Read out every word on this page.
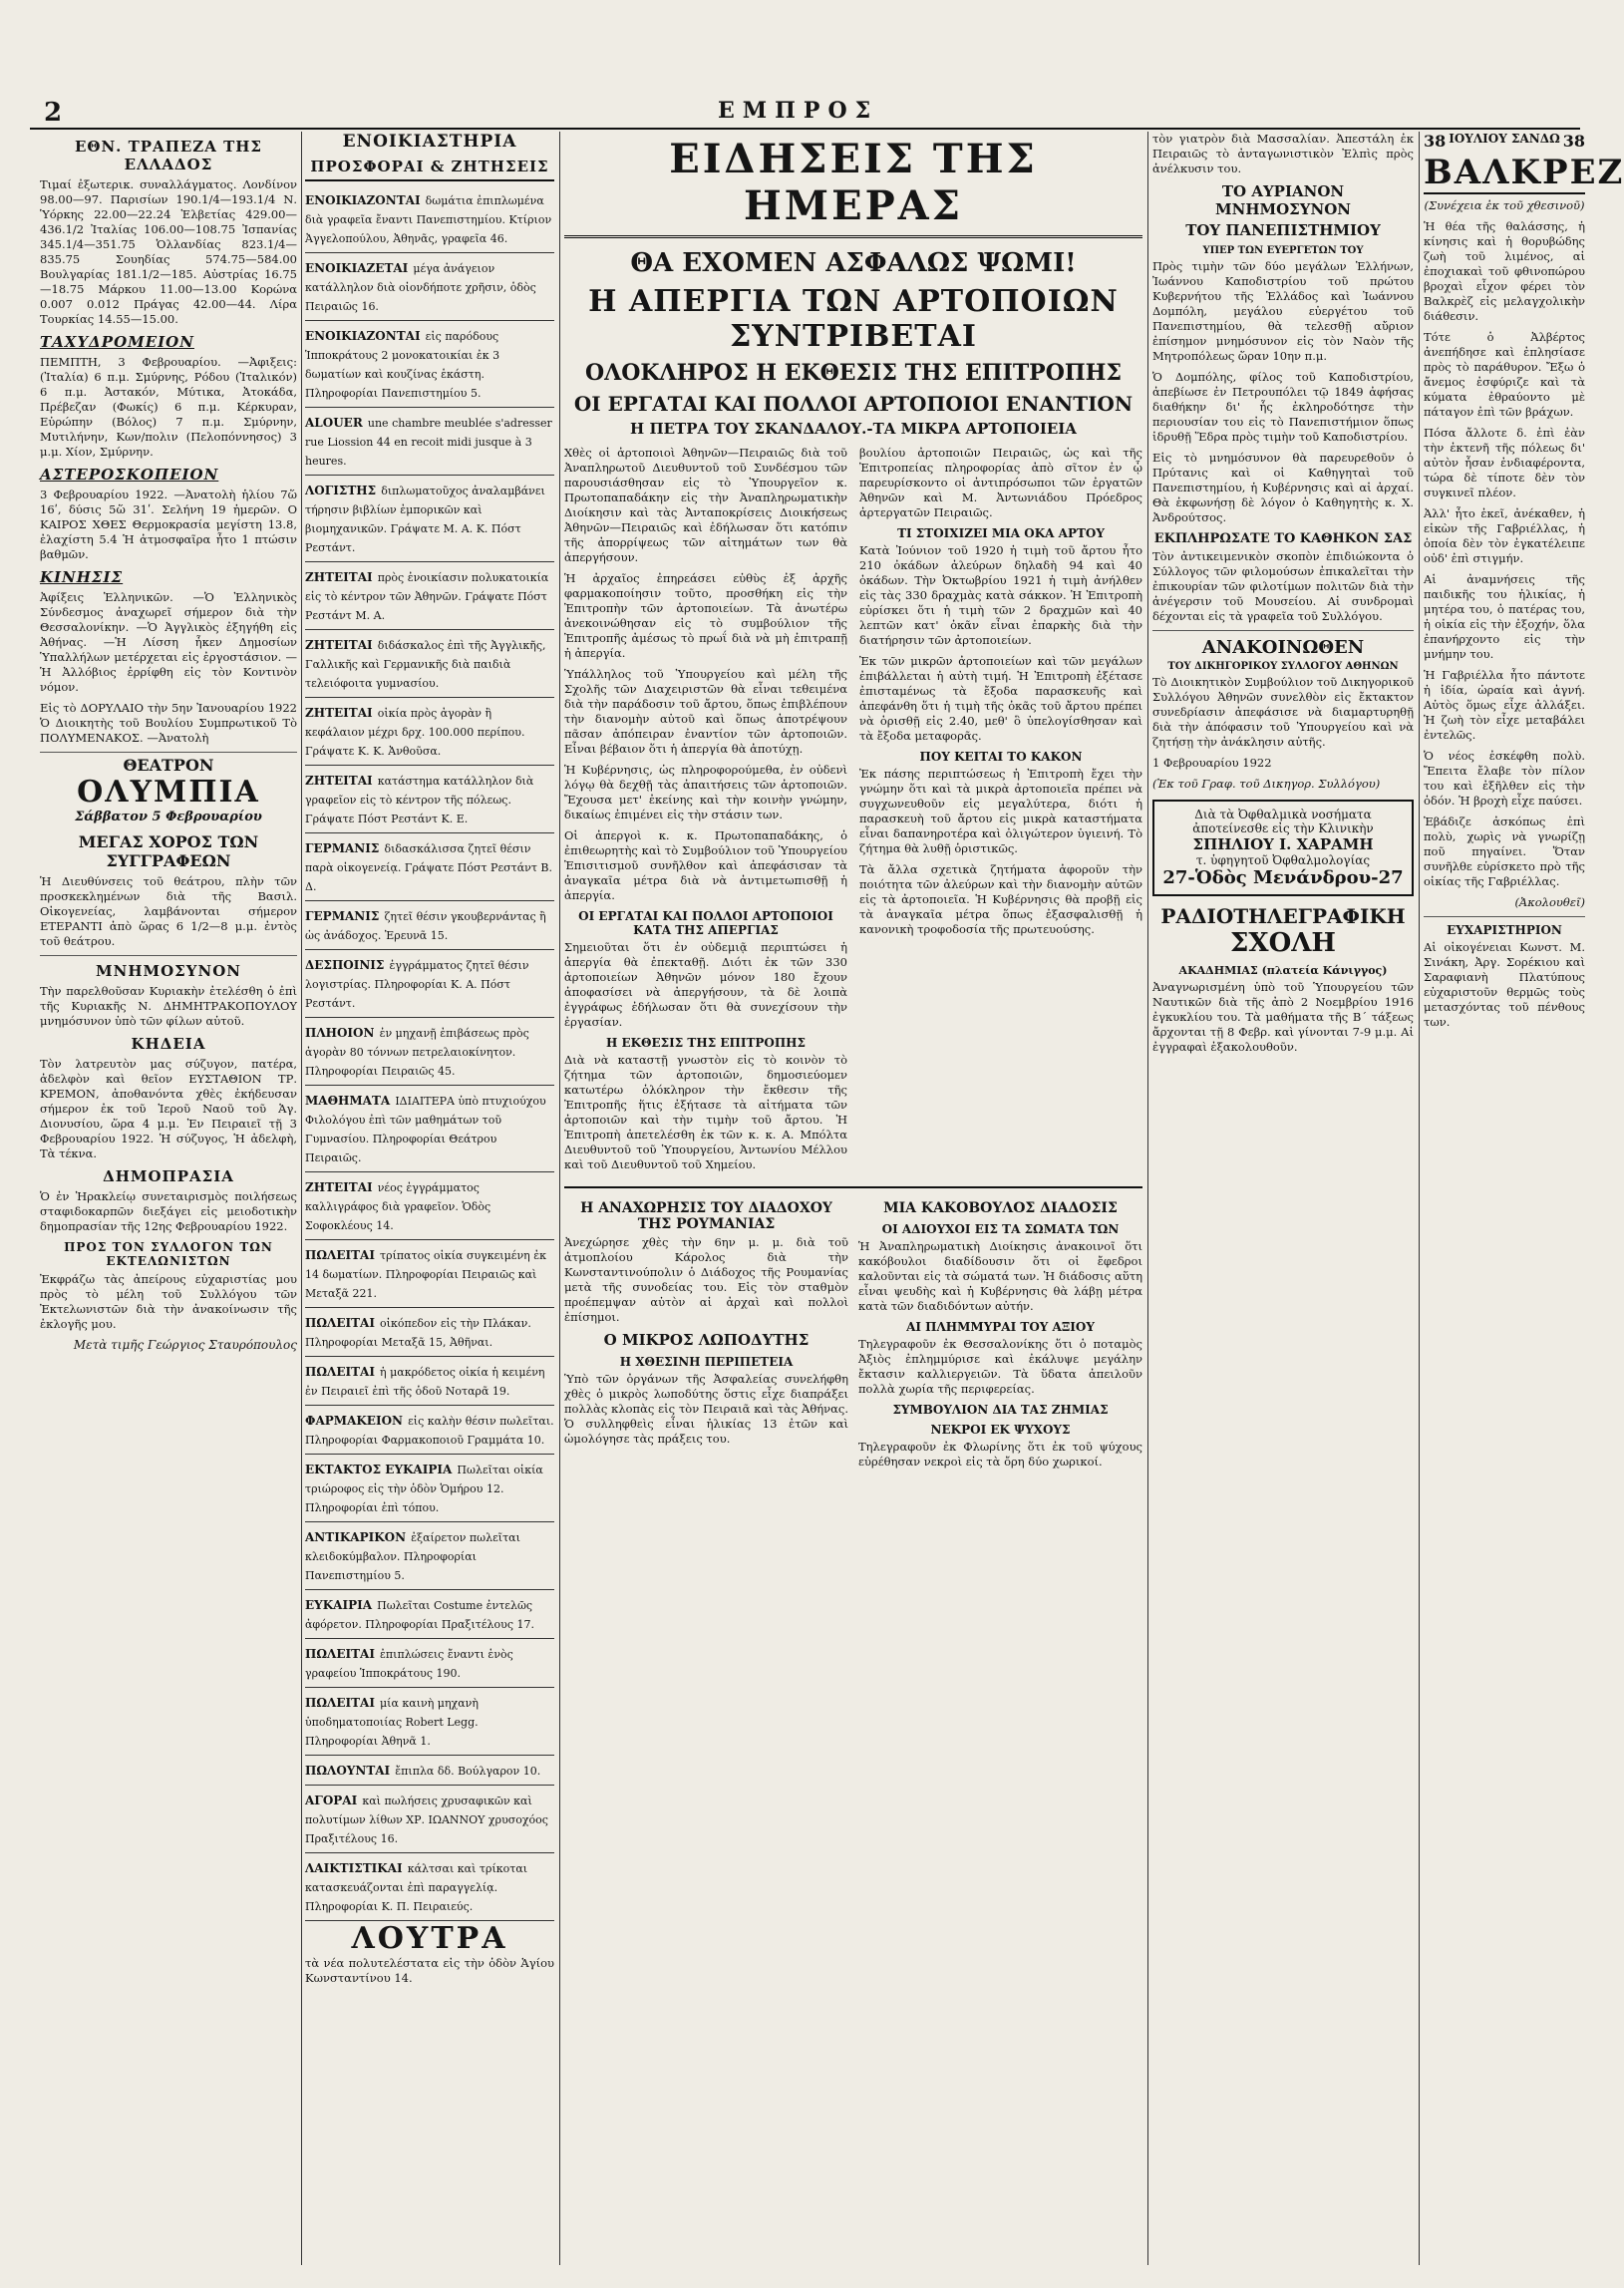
2	ΕΜΠΡΟΣ
ΕΘΝ. ΤΡΑΠΕΖΑ ΤΗΣ ΕΛΛΑΔΟΣ

Τιμαί ἐξωτερικ. συναλλάγματος. Λονδίνον 98.00—97. Παρισίων 190.1/4—193.1/4 Ν. Ὑόρκης 22.00—22.24 Ἑλβετίας 429.00—436.1/2 Ἰταλίας 106.00—108.75 Ἰσπανίας 345.1/4—351.75 Ὁλλανδίας 823.1/4—835.75 Σουηδίας 574.75—584.00 Βουλγαρίας 181.1/2—185. Αὐστρίας 16.75—18.75 Μάρκου 11.00—13.00 Κορώνα 0.007 0.012 Πράγας 42.00—44. Λίρα Τουρκίας 14.55—15.00.

ΤΑΧΥΔΡΟΜΕΙΟΝ

ΠΕΜΠΤΗ, 3 Φεβρουαρίου. —Ἀφιξεις: (Ἰταλία) 6 π.μ. Σμύρνης, Ρόδου (Ἰταλικόν) 6 π.μ. Ἀστακόν, Μύτικα, Ἀτοκάδα, Πρέβεζαν (Φωκίς) 6 π.μ. Κέρκυραν, Εὐρώπην (Βόλος) 7 π.μ. Σμύρνην, Μυτιλήνην, Κων/πολιν (Πελοπόννησος) 3 μ.μ. Χίον, Σμύρνην.

ΑΣΤΕΡΟΣΚΟΠΕΙΟΝ

3 Φεβρουαρίου 1922. —Ἀνατολὴ ἡλίου 7ὥ 16ʹ, δύσις 5ὥ 31ʹ. Σελήνη 19 ἡμερῶν. Ο ΚΑΙΡΟΣ ΧΘΕΣ Θερμοκρασία μεγίστη 13.8, ἐλαχίστη 5.4 Ἡ ἀτμοσφαῖρα ἦτο 1 πτώσιν βαθμῶν.

ΚΙΝΗΣΙΣ

Ἀφίξεις Ἑλληνικῶν. —Ὁ Ἐλληνικὸς Σύνδεσμος ἀναχωρεῖ σήμερον διὰ τὴν Θεσσαλονίκην. —Ὁ Ἀγγλικὸς ἐξηγήθη εἰς Ἀθήνας. —Ἡ Λίσση ἧκεν Δημοσίων Ὑπαλλήλων μετέρχεται εἰς ἐργοστάσιον. —Ἡ Ἀλλόβιος ἐρρίφθη εἰς τὸν Κοντινὸν νόμον.

Εἰς τὸ ΔΟΡΥΛΑΙΟ τὴν 5ην Ἰανουαρίου 1922 Ὁ Διοικητὴς τοῦ Βουλίου Συμπρωτικοῦ Τὸ ΠΟΛΥΜΕΝΑΚΟΣ. —Ἀνατολὴ

ΘΕΑΤΡΟΝ
ΟΛΥΜΠΙΑ
Σάββατον 5 Φεβρουαρίου
ΜΕΓΑΣ ΧΟΡΟΣ ΤΩΝ ΣΥΓΓΡΑΦΕΩΝ

Ἡ Διευθύνσεις τοῦ θεάτρου, πλὴν τῶν προσκεκλημένων διὰ τῆς Βασιλ. Οἰκογενείας, λαμβάνονται σήμερον ΕΤΕΡΑΝΤΙ ἀπὸ ὥρας 6 1/2—8 μ.μ. ἐντὸς τοῦ θεάτρου.

ΜΝΗΜΟΣΥΝΟΝ

Τὴν παρελθοῦσαν Κυριακὴν ἐτελέσθη ὁ ἐπὶ τῆς Κυριακῆς Ν. ΔΗΜΗΤΡΑΚΟΠΟΥΛΟΥ μνημόσυνον ὑπὸ τῶν φίλων αὐτοῦ.

ΚΗΔΕΙΑ

Τὸν λατρευτὸν μας σύζυγον, πατέρα, ἀδελφὸν καὶ θεῖον ΕΥΣΤΑΘΙΟΝ ΤΡ. ΚΡΕΜΟΝ, ἀποθανόντα χθὲς ἐκήδευσαν σήμερον ἐκ τοῦ Ἱεροῦ Ναοῦ τοῦ Ἁγ. Διονυσίου, ὥρα 4 μ.μ. Ἐν Πειραιεῖ τῇ 3 Φεβρουαρίου 1922. Ἡ σύζυγος, Ἡ ἀδελφὴ, Τὰ τέκνα.

ΔΗΜΟΠΡΑΣΙΑ

Ὁ ἐν Ἡρακλείῳ συνεταιρισμὸς ποιλήσεως σταφιδοκαρπῶν διεξάγει εἰς μειοδοτικὴν δημοπρασίαν τῆς 12ης Φεβρουαρίου 1922.

ΠΡΟΣ ΤΟΝ ΣΥΛΛΟΓΟΝ ΤΩΝ ΕΚΤΕΛΩΝΙΣΤΩΝ

Ἐκφράζω τὰς ἀπείρους εὐχαριστίας μου πρὸς τὸ μέλη τοῦ Συλλόγου τῶν Ἐκτελωνιστῶν διὰ τὴν ἀνακοίνωσιν τῆς ἐκλογῆς μου.

Μετὰ τιμῆς Γεώργιος Σταυρόπουλος
ΕΝΟΙΚΙΑΣΤΗΡΙΑ
ΠΡΟΣΦΟΡΑΙ & ΖΗΤΗΣΕΙΣ
ΕΝΟΙΚΙΑΖΟΝΤΑΙ δωμάτια ἐπιπλωμένα διὰ γραφεῖα ἔναντι Πανεπιστημίου. Κτίριον Ἀγγελοπούλου, Ἀθηνᾶς, γραφεῖα 46.
ΕΝΟΙΚΙΑΖΕΤΑΙ μέγα ἀνάγειον κατάλληλον διὰ οἰονδήποτε χρῆσιν, ὁδὸς Πειραιῶς 16.
ΕΝΟΙΚΙΑΖΟΝΤΑΙ εἰς παρόδους Ἱπποκράτους 2 μονοκατοικίαι ἐκ 3 δωματίων καὶ κουζίνας ἑκάστη. Πληροφορίαι Πανεπιστημίου 5.
ALOUER une chambre meublée s'adresser rue Liossion 44 en recoit midi jusque à 3 heures.
ΛΟΓΙΣΤΗΣ διπλωματοῦχος ἀναλαμβάνει τήρησιν βιβλίων ἐμπορικῶν καὶ βιομηχανικῶν. Γράψατε Μ. Α. Κ. Πόστ Ρεστάντ.
ΖΗΤΕΙΤΑΙ πρὸς ἐνοικίασιν πολυκατοικία εἰς τὸ κέντρον τῶν Ἀθηνῶν. Γράψατε Πόστ Ρεστάντ Μ. Α.
ΖΗΤΕΙΤΑΙ διδάσκαλος ἐπὶ τῆς Ἀγγλικῆς, Γαλλικῆς καὶ Γερμανικῆς διὰ παιδιὰ τελειόφοιτα γυμνασίου.
ΖΗΤΕΙΤΑΙ οἰκία πρὸς ἀγορὰν ἢ κεφάλαιον μέχρι δρχ. 100.000 περίπου. Γράψατε Κ. Κ. Ἀνθοῦσα.
ΖΗΤΕΙΤΑΙ κατάστημα κατάλληλον διὰ γραφεῖον εἰς τὸ κέντρον τῆς πόλεως. Γράψατε Πόστ Ρεστάντ Κ. Ε.
ΓΕΡΜΑΝΙΣ διδασκάλισσα ζητεῖ θέσιν παρὰ οἰκογενείᾳ. Γράψατε Πόστ Ρεστάντ Β. Δ.
ΓΕΡΜΑΝΙΣ ζητεῖ θέσιν γκουβερνάντας ἢ ὡς ἀνάδοχος. Ἐρευνᾶ 15.
ΔΕΣΠΟΙΝΙΣ ἐγγράμματος ζητεῖ θέσιν λογιστρίας. Πληροφορίαι Κ. Α. Πόστ Ρεστάντ.
ΠΛΗΟΙΟΝ ἐν μηχανῇ ἐπιβάσεως πρὸς ἀγορὰν 80 τόννων πετρελαιοκίνητον. Πληροφορίαι Πειραιῶς 45.
ΜΑΘΗΜΑΤΑ ΙΔΙΑΙΤΕΡΑ ὑπὸ πτυχιούχου Φιλολόγου ἐπὶ τῶν μαθημάτων τοῦ Γυμνασίου. Πληροφορίαι Θεάτρου Πειραιῶς.
ΖΗΤΕΙΤΑΙ νέος ἐγγράμματος καλλιγράφος διὰ γραφεῖον. Ὁδὸς Σοφοκλέους 14.
ΠΩΛΕΙΤΑΙ τρίπατος οἰκία συγκειμένη ἐκ 14 δωματίων. Πληροφορίαι Πειραιῶς καὶ Μεταξᾶ 221.
ΠΩΛΕΙΤΑΙ οἰκόπεδον εἰς τὴν Πλάκαν. Πληροφορίαι Μεταξᾶ 15, Ἀθῆναι.
ΠΩΛΕΙΤΑΙ ἡ μακρόδετος οἰκία ἡ κειμένη ἐν Πειραιεῖ ἐπὶ τῆς ὁδοῦ Νοταρᾶ 19.
ΦΑΡΜΑΚΕΙΟΝ εἰς καλὴν θέσιν πωλεῖται. Πληροφορίαι Φαρμακοποιοῦ Γραμμάτα 10.
ΕΚΤΑΚΤΟΣ ΕΥΚΑΙΡΙΑ Πωλεῖται οἰκία τριώροφος εἰς τὴν ὁδὸν Ὁμήρου 12. Πληροφορίαι ἐπὶ τόπου.
ΑΝΤΙΚΑΡΙΚΟΝ ἐξαίρετον πωλεῖται κλειδοκύμβαλον. Πληροφορίαι Πανεπιστημίου 5.
ΕΥΚΑΙΡΙΑ Πωλεῖται Costume ἐντελῶς ἀφόρετον. Πληροφορίαι Πραξιτέλους 17.
ΠΩΛΕΙΤΑΙ ἐπιπλώσεις ἔναντι ἑνὸς γραφείου Ἱπποκράτους 190.
ΠΩΛΕΙΤΑΙ μία καινὴ μηχανὴ ὑποδηματοποιίας Robert Legg. Πληροφορίαι Ἀθηνᾶ 1.
ΠΩΛΟΥΝΤΑΙ ἔπιπλα δδ. Βούλγαρον 10.
ΑΓΟΡΑΙ καὶ πωλήσεις χρυσαφικῶν καὶ πολυτίμων λίθων ΧΡ. ΙΩΑΝΝΟΥ χρυσοχόος Πραξιτέλους 16.
ΛΑΙΚΤΙΣΤΙΚΑΙ κάλτσαι καὶ τρίκοται κατασκευάζονται ἐπὶ παραγγελίᾳ. Πληροφορίαι Κ. Π. Πειραιεύς.
ΛΟΥΤΡΑ

τὰ νέα πολυτελέστατα εἰς τὴν ὁδὸν Ἁγίου Κωνσταντίνου 14.

ΕΙΔΗΣΕΙΣ ΤΗΣ ΗΜΕΡΑΣ
ΘΑ ΕΧΟΜΕΝ ΑΣΦΑΛΩΣ ΨΩΜΙ!
Η ΑΠΕΡΓΙΑ ΤΩΝ ΑΡΤΟΠΟΙΩΝ ΣΥΝΤΡΙΒΕΤΑΙ
ΟΛΟΚΛΗΡΟΣ Η ΕΚΘΕΣΙΣ ΤΗΣ ΕΠΙΤΡΟΠΗΣ
ΟΙ ΕΡΓΑΤΑΙ ΚΑΙ ΠΟΛΛΟΙ ΑΡΤΟΠΟΙΟΙ ΕΝΑΝΤΙΟΝ
Η ΠΕΤΡΑ ΤΟΥ ΣΚΑΝΔΑΛΟΥ.-ΤΑ ΜΙΚΡΑ ΑΡΤΟΠΟΙΕΙΑ

Χθὲς οἱ ἀρτοποιοὶ Ἀθηνῶν—Πειραιῶς διὰ τοῦ Ἀναπληρωτοῦ Διευθυντοῦ τοῦ Συνδέσμου τῶν παρουσιάσθησαν εἰς τὸ Ὑπουργεῖον κ. Πρωτοπαπαδάκην εἰς τὴν Ἀναπληρωματικὴν Διοίκησιν καὶ τὰς Ἀνταποκρίσεις Διοικήσεως Ἀθηνῶν—Πειραιῶς καὶ ἐδήλωσαν ὅτι κατόπιν τῆς ἀπορρίψεως τῶν αἰτημάτων των θὰ ἀπεργήσουν.

Ἡ ἀρχαῖος ἐπηρεάσει εὐθὺς ἐξ ἀρχῆς φαρμακοποίησιν τοῦτο, προσθήκη εἰς τὴν Ἐπιτροπὴν τῶν ἀρτοποιείων. Τὰ ἀνωτέρω ἀνεκοινώθησαν εἰς τὸ συμβούλιον τῆς Ἐπιτροπῆς ἀμέσως τὸ πρωΐ διὰ νὰ μὴ ἐπιτραπῇ ἡ ἀπεργία.

Ὑπάλληλος τοῦ Ὑπουργείου καὶ μέλη τῆς Σχολῆς τῶν Διαχειριστῶν θὰ εἶναι τεθειμένα διὰ τὴν παράδοσιν τοῦ ἄρτου, ὅπως ἐπιβλέπουν τὴν διανομὴν αὐτοῦ καὶ ὅπως ἀποτρέψουν πᾶσαν ἀπόπειραν ἐναντίον τῶν ἀρτοποιῶν. Εἶναι βέβαιον ὅτι ἡ ἀπεργία θὰ ἀποτύχῃ.

Ἡ Κυβέρνησις, ὡς πληροφορούμεθα, ἐν οὐδενὶ λόγῳ θὰ δεχθῇ τὰς ἀπαιτήσεις τῶν ἀρτοποιῶν. Ἔχουσα μετ' ἐκείνης καὶ τὴν κοινὴν γνώμην, δικαίως ἐπιμένει εἰς τὴν στάσιν των.

Οἱ ἀπεργοὶ κ. κ. Πρωτοπαπαδάκης, ὁ ἐπιθεωρητὴς καὶ τὸ Συμβούλιον τοῦ Ὑπουργείου Ἐπισιτισμοῦ συνῆλθον καὶ ἀπεφάσισαν τὰ ἀναγκαῖα μέτρα διὰ νὰ ἀντιμετωπισθῇ ἡ ἀπεργία.

ΟΙ ΕΡΓΑΤΑΙ ΚΑΙ ΠΟΛΛΟΙ ΑΡΤΟΠΟΙΟΙ ΚΑΤΑ ΤΗΣ ΑΠΕΡΓΙΑΣ

Σημειοῦται ὅτι ἐν οὐδεμιᾷ περιπτώσει ἡ ἀπεργία θὰ ἐπεκταθῇ. Διότι ἐκ τῶν 330 ἀρτοποιείων Ἀθηνῶν μόνον 180 ἔχουν ἀποφασίσει νὰ ἀπεργήσουν, τὰ δὲ λοιπὰ ἐγγράφως ἐδήλωσαν ὅτι θὰ συνεχίσουν τὴν ἐργασίαν.

Η ΕΚΘΕΣΙΣ ΤΗΣ ΕΠΙΤΡΟΠΗΣ

Διὰ νὰ καταστῇ γνωστὸν εἰς τὸ κοινὸν τὸ ζήτημα τῶν ἀρτοποιῶν, δημοσιεύομεν κατωτέρω ὁλόκληρον τὴν ἔκθεσιν τῆς Ἐπιτροπῆς ἥτις ἐξήτασε τὰ αἰτήματα τῶν ἀρτοποιῶν καὶ τὴν τιμὴν τοῦ ἄρτου. Ἡ Ἐπιτροπὴ ἀπετελέσθη ἐκ τῶν κ. κ. Α. Μπόλτα Διευθυντοῦ τοῦ Ὑπουργείου, Ἀντωνίου Μέλλου καὶ τοῦ Διευθυντοῦ τοῦ Χημείου.

βουλίου ἀρτοποιῶν Πειραιῶς, ὡς καὶ τῆς Ἐπιτροπείας πληροφορίας ἀπὸ σῖτον ἐν ᾧ παρευρίσκοντο οἱ ἀντιπρόσωποι τῶν ἐργατῶν Ἀθηνῶν καὶ Μ. Ἀντωνιάδου Πρόεδρος ἀρτεργατῶν Πειραιῶς.

ΤΙ ΣΤΟΙΧΙΖΕΙ ΜΙΑ ΟΚΑ ΑΡΤΟΥ

Κατὰ Ἰούνιον τοῦ 1920 ἡ τιμὴ τοῦ ἄρτου ἦτο 210 ὀκάδων ἀλεύρων δηλαδὴ 94 καὶ 40 ὀκάδων. Τὴν Ὀκτωβρίου 1921 ἡ τιμὴ ἀνήλθεν εἰς τὰς 330 δραχμὰς κατὰ σάκκον. Ἡ Ἐπιτροπὴ εὑρίσκει ὅτι ἡ τιμὴ τῶν 2 δραχμῶν καὶ 40 λεπτῶν κατ' ὀκᾶν εἶναι ἐπαρκὴς διὰ τὴν διατήρησιν τῶν ἀρτοποιείων.

Ἐκ τῶν μικρῶν ἀρτοποιείων καὶ τῶν μεγάλων ἐπιβάλλεται ἡ αὐτὴ τιμή. Ἡ Ἐπιτροπὴ ἐξέτασε ἐπισταμένως τὰ ἔξοδα παρασκευῆς καὶ ἀπεφάνθη ὅτι ἡ τιμὴ τῆς ὀκᾶς τοῦ ἄρτου πρέπει νὰ ὁρισθῇ εἰς 2.40, μεθ' ὃ ὑπελογίσθησαν καὶ τὰ ἔξοδα μεταφορᾶς.

ΠΟΥ ΚΕΙΤΑΙ ΤΟ ΚΑΚΟΝ

Ἐκ πάσης περιπτώσεως ἡ Ἐπιτροπὴ ἔχει τὴν γνώμην ὅτι καὶ τὰ μικρὰ ἀρτοποιεῖα πρέπει νὰ συγχωνευθοῦν εἰς μεγαλύτερα, διότι ἡ παρασκευὴ τοῦ ἄρτου εἰς μικρὰ καταστήματα εἶναι δαπανηροτέρα καὶ ὀλιγώτερον ὑγιεινή. Τὸ ζήτημα θὰ λυθῇ ὁριστικῶς.

Τὰ ἄλλα σχετικὰ ζητήματα ἀφοροῦν τὴν ποιότητα τῶν ἀλεύρων καὶ τὴν διανομὴν αὐτῶν εἰς τὰ ἀρτοποιεῖα. Ἡ Κυβέρνησις θὰ προβῇ εἰς τὰ ἀναγκαῖα μέτρα ὅπως ἐξασφαλισθῇ ἡ κανονικὴ τροφοδοσία τῆς πρωτευούσης.

Η ΑΝΑΧΩΡΗΣΙΣ ΤΟΥ ΔΙΑΔΟΧΟΥ ΤΗΣ ΡΟΥΜΑΝΙΑΣ

Ἀνεχώρησε χθὲς τὴν 6ην μ. μ. διὰ τοῦ ἀτμοπλοίου Κάρολος διὰ τὴν Κωνσταντινούπολιν ὁ Διάδοχος τῆς Ρουμανίας μετὰ τῆς συνοδείας του. Εἰς τὸν σταθμὸν προέπεμψαν αὐτὸν αἱ ἀρχαὶ καὶ πολλοὶ ἐπίσημοι.

Ο ΜΙΚΡΟΣ ΛΩΠΟΔΥΤΗΣ
Η ΧΘΕΣΙΝΗ ΠΕΡΙΠΕΤΕΙΑ

Ὑπὸ τῶν ὀργάνων τῆς Ἀσφαλείας συνελήφθη χθὲς ὁ μικρὸς λωποδύτης ὅστις εἶχε διαπράξει πολλὰς κλοπὰς εἰς τὸν Πειραιᾶ καὶ τὰς Ἀθήνας. Ὁ συλληφθεὶς εἶναι ἡλικίας 13 ἐτῶν καὶ ὡμολόγησε τὰς πράξεις του.

ΜΙΑ ΚΑΚΟΒΟΥΛΟΣ ΔΙΑΔΟΣΙΣ
ΟΙ ΑΔΙΟΥΧΟΙ ΕΙΣ ΤΑ ΣΩΜΑΤΑ ΤΩΝ

Ἡ Ἀναπληρωματικὴ Διοίκησις ἀνακοινοῖ ὅτι κακόβουλοι διαδίδουσιν ὅτι οἱ ἔφεδροι καλοῦνται εἰς τὰ σώματά των. Ἡ διάδοσις αὕτη εἶναι ψευδὴς καὶ ἡ Κυβέρνησις θὰ λάβῃ μέτρα κατὰ τῶν διαδιδόντων αὐτήν.

ΑΙ ΠΛΗΜΜΥΡΑΙ ΤΟΥ ΑΞΙΟΥ

Τηλεγραφοῦν ἐκ Θεσσαλονίκης ὅτι ὁ ποταμὸς Ἀξιὸς ἐπλημμύρισε καὶ ἐκάλυψε μεγάλην ἔκτασιν καλλιεργειῶν. Τὰ ὕδατα ἀπειλοῦν πολλὰ χωρία τῆς περιφερείας.

ΣΥΜΒΟΥΛΙΟΝ ΔΙΑ ΤΑΣ ΖΗΜΙΑΣ
ΝΕΚΡΟΙ ΕΚ ΨΥΧΟΥΣ

Τηλεγραφοῦν ἐκ Φλωρίνης ὅτι ἐκ τοῦ ψύχους εὑρέθησαν νεκροὶ εἰς τὰ ὄρη δύο χωρικοί.

τὸν γιατρὸν διὰ Μασσαλίαν. Ἀπεστάλη ἐκ Πειραιῶς τὸ ἀνταγωνιστικὸν Ἐλπὶς πρὸς ἀνέλκυσιν του.

ΤΟ ΑΥΡΙΑΝΟΝ ΜΝΗΜΟΣΥΝΟΝ
ΤΟΥ ΠΑΝΕΠΙΣΤΗΜΙΟΥ
ΥΠΕΡ ΤΩΝ ΕΥΕΡΓΕΤΩΝ ΤΟΥ

Πρὸς τιμὴν τῶν δύο μεγάλων Ἑλλήνων, Ἰωάννου Καποδιστρίου τοῦ πρώτου Κυβερνήτου τῆς Ἑλλάδος καὶ Ἰωάννου Δομπόλη, μεγάλου εὐεργέτου τοῦ Πανεπιστημίου, θὰ τελεσθῇ αὔριον ἐπίσημον μνημόσυνον εἰς τὸν Ναὸν τῆς Μητροπόλεως ὥραν 10ην π.μ.

Ὁ Δομπόλης, φίλος τοῦ Καποδιστρίου, ἀπεβίωσε ἐν Πετρουπόλει τῷ 1849 ἀφήσας διαθήκην δι' ἧς ἐκληροδότησε τὴν περιουσίαν του εἰς τὸ Πανεπιστήμιον ὅπως ἱδρυθῇ Ἕδρα πρὸς τιμὴν τοῦ Καποδιστρίου.

Εἰς τὸ μνημόσυνον θὰ παρευρεθοῦν ὁ Πρύτανις καὶ οἱ Καθηγηταὶ τοῦ Πανεπιστημίου, ἡ Κυβέρνησις καὶ αἱ ἀρχαί. Θὰ ἐκφωνήσῃ δὲ λόγον ὁ Καθηγητὴς κ. Χ. Ἀνδρούτσος.

ΕΚΠΛΗΡΩΣΑΤΕ ΤΟ ΚΑΘΗΚΟΝ ΣΑΣ

Τὸν ἀντικειμενικὸν σκοπὸν ἐπιδιώκοντα ὁ Σύλλογος τῶν φιλομούσων ἐπικαλεῖται τὴν ἐπικουρίαν τῶν φιλοτίμων πολιτῶν διὰ τὴν ἀνέγερσιν τοῦ Μουσείου. Αἱ συνδρομαὶ δέχονται εἰς τὰ γραφεῖα τοῦ Συλλόγου.

ΑΝΑΚΟΙΝΩΘΕΝ
ΤΟΥ ΔΙΚΗΓΟΡΙΚΟΥ ΣΥΛΛΟΓΟΥ ΑΘΗΝΩΝ

Τὸ Διοικητικὸν Συμβούλιον τοῦ Δικηγορικοῦ Συλλόγου Ἀθηνῶν συνελθὸν εἰς ἔκτακτον συνεδρίασιν ἀπεφάσισε νὰ διαμαρτυρηθῇ διὰ τὴν ἀπόφασιν τοῦ Ὑπουργείου καὶ νὰ ζητήσῃ τὴν ἀνάκλησιν αὐτῆς.

1 Φεβρουαρίου 1922
(Ἐκ τοῦ Γραφ. τοῦ Δικηγορ. Συλλόγου)
Διὰ τὰ Ὀφθαλμικὰ νοσήματα
ἀποτείνεσθε εἰς τὴν Κλινικὴν
ΣΠΗΛΙΟΥ Ι. ΧΑΡΑΜΗ
τ. ὑφηγητοῦ Ὀφθαλμολογίας
27-Ὁδὸς Μενάνδρου-27
ΡΑΔΙΟΤΗΛΕΓΡΑΦΙΚΗ
ΣΧΟΛΗ
ΑΚΑΔΗΜΙΑΣ (πλατεία Κάνιγγος)

Ἀναγνωρισμένη ὑπὸ τοῦ Ὑπουργείου τῶν Ναυτικῶν διὰ τῆς ἀπὸ 2 Νοεμβρίου 1916 ἐγκυκλίου του. Τὰ μαθήματα τῆς Β΄ τάξεως ἄρχονται τῇ 8 Φεβρ. καὶ γίνονται 7-9 μ.μ. Αἱ ἐγγραφαὶ ἐξακολουθοῦν.

38 ΙΟΥΛΙΟΥ ΣΑΝΔΩ 38
ΒΑΛΚΡΕΖ
(Συνέχεια ἐκ τοῦ χθεσινοῦ)

Ἡ θέα τῆς θαλάσσης, ἡ κίνησις καὶ ἡ θορυβώδης ζωὴ τοῦ λιμένος, αἱ ἐποχιακαὶ τοῦ φθινοπώρου βροχαὶ εἶχον φέρει τὸν Βαλκρὲζ εἰς μελαγχολικὴν διάθεσιν.

Τότε ὁ Ἀλβέρτος ἀνεπήδησε καὶ ἐπλησίασε πρὸς τὸ παράθυρον. Ἔξω ὁ ἄνεμος ἐσφύριζε καὶ τὰ κύματα ἐθραύοντο μὲ πάταγον ἐπὶ τῶν βράχων.

Πόσα ἄλλοτε δ. ἐπὶ ἐὰν τὴν ἐκτενῆ τῆς πόλεως δι' αὐτὸν ἦσαν ἐνδιαφέροντα, τώρα δὲ τίποτε δὲν τὸν συγκινεῖ πλέον.

Ἀλλ' ἦτο ἐκεῖ, ἀνέκαθεν, ἡ εἰκὼν τῆς Γαβριέλλας, ἡ ὁποία δὲν τὸν ἐγκατέλειπε οὐδ' ἐπὶ στιγμήν.

Αἱ ἀναμνήσεις τῆς παιδικῆς του ἡλικίας, ἡ μητέρα του, ὁ πατέρας του, ἡ οἰκία εἰς τὴν ἐξοχήν, ὅλα ἐπανήρχοντο εἰς τὴν μνήμην του.

Ἡ Γαβριέλλα ἦτο πάντοτε ἡ ἰδία, ὡραία καὶ ἀγνή. Αὐτὸς ὅμως εἶχε ἀλλάξει. Ἡ ζωὴ τὸν εἶχε μεταβάλει ἐντελῶς.

Ὁ νέος ἐσκέφθη πολὺ. Ἔπειτα ἔλαβε τὸν πίλον του καὶ ἐξῆλθεν εἰς τὴν ὁδόν. Ἡ βροχὴ εἶχε παύσει.

Ἐβάδιζε ἀσκόπως ἐπὶ πολὺ, χωρὶς νὰ γνωρίζῃ ποῦ πηγαίνει. Ὅταν συνῆλθε εὑρίσκετο πρὸ τῆς οἰκίας τῆς Γαβριέλλας.

(Ἀκολουθεῖ)
ΕΥΧΑΡΙΣΤΗΡΙΟΝ

Αἱ οἰκογένειαι Κωνστ. Μ. Σινάκη, Ἀργ. Σορέκιου καὶ Σαραφιανὴ Πλατύπους εὐχαριστοῦν θερμῶς τοὺς μετασχόντας τοῦ πένθους των.
